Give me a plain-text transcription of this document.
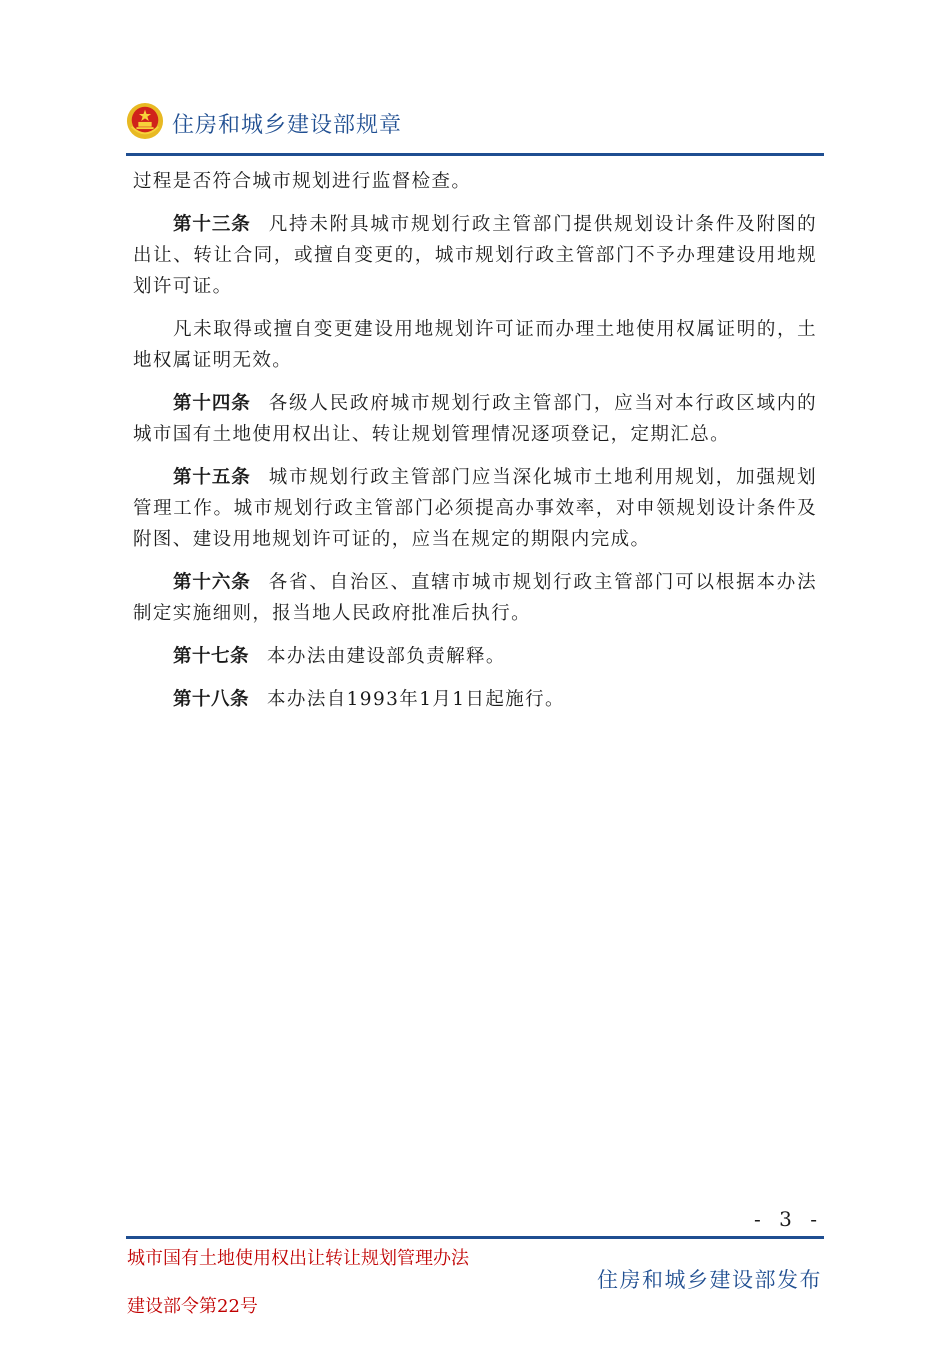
住房和城乡建设部规章

过程是否符合城市规划进行监督检查。

第十三条 凡持未附具城市规划行政主管部门提供规划设计条件及附图的出让、转让合同，或擅自变更的，城市规划行政主管部门不予办理建设用地规划许可证。

凡未取得或擅自变更建设用地规划许可证而办理土地使用权属证明的，土地权属证明无效。

第十四条 各级人民政府城市规划行政主管部门，应当对本行政区域内的城市国有土地使用权出让、转让规划管理情况逐项登记，定期汇总。

第十五条 城市规划行政主管部门应当深化城市土地利用规划，加强规划管理工作。城市规划行政主管部门必须提高办事效率，对申领规划设计条件及附图、建设用地规划许可证的，应当在规定的期限内完成。

第十六条 各省、自治区、直辖市城市规划行政主管部门可以根据本办法制定实施细则，报当地人民政府批准后执行。

第十七条 本办法由建设部负责解释。

第十八条 本办法自1993年1月1日起施行。

- 3 -
城市国有土地使用权出让转让规划管理办法
建设部令第22号
住房和城乡建设部发布
